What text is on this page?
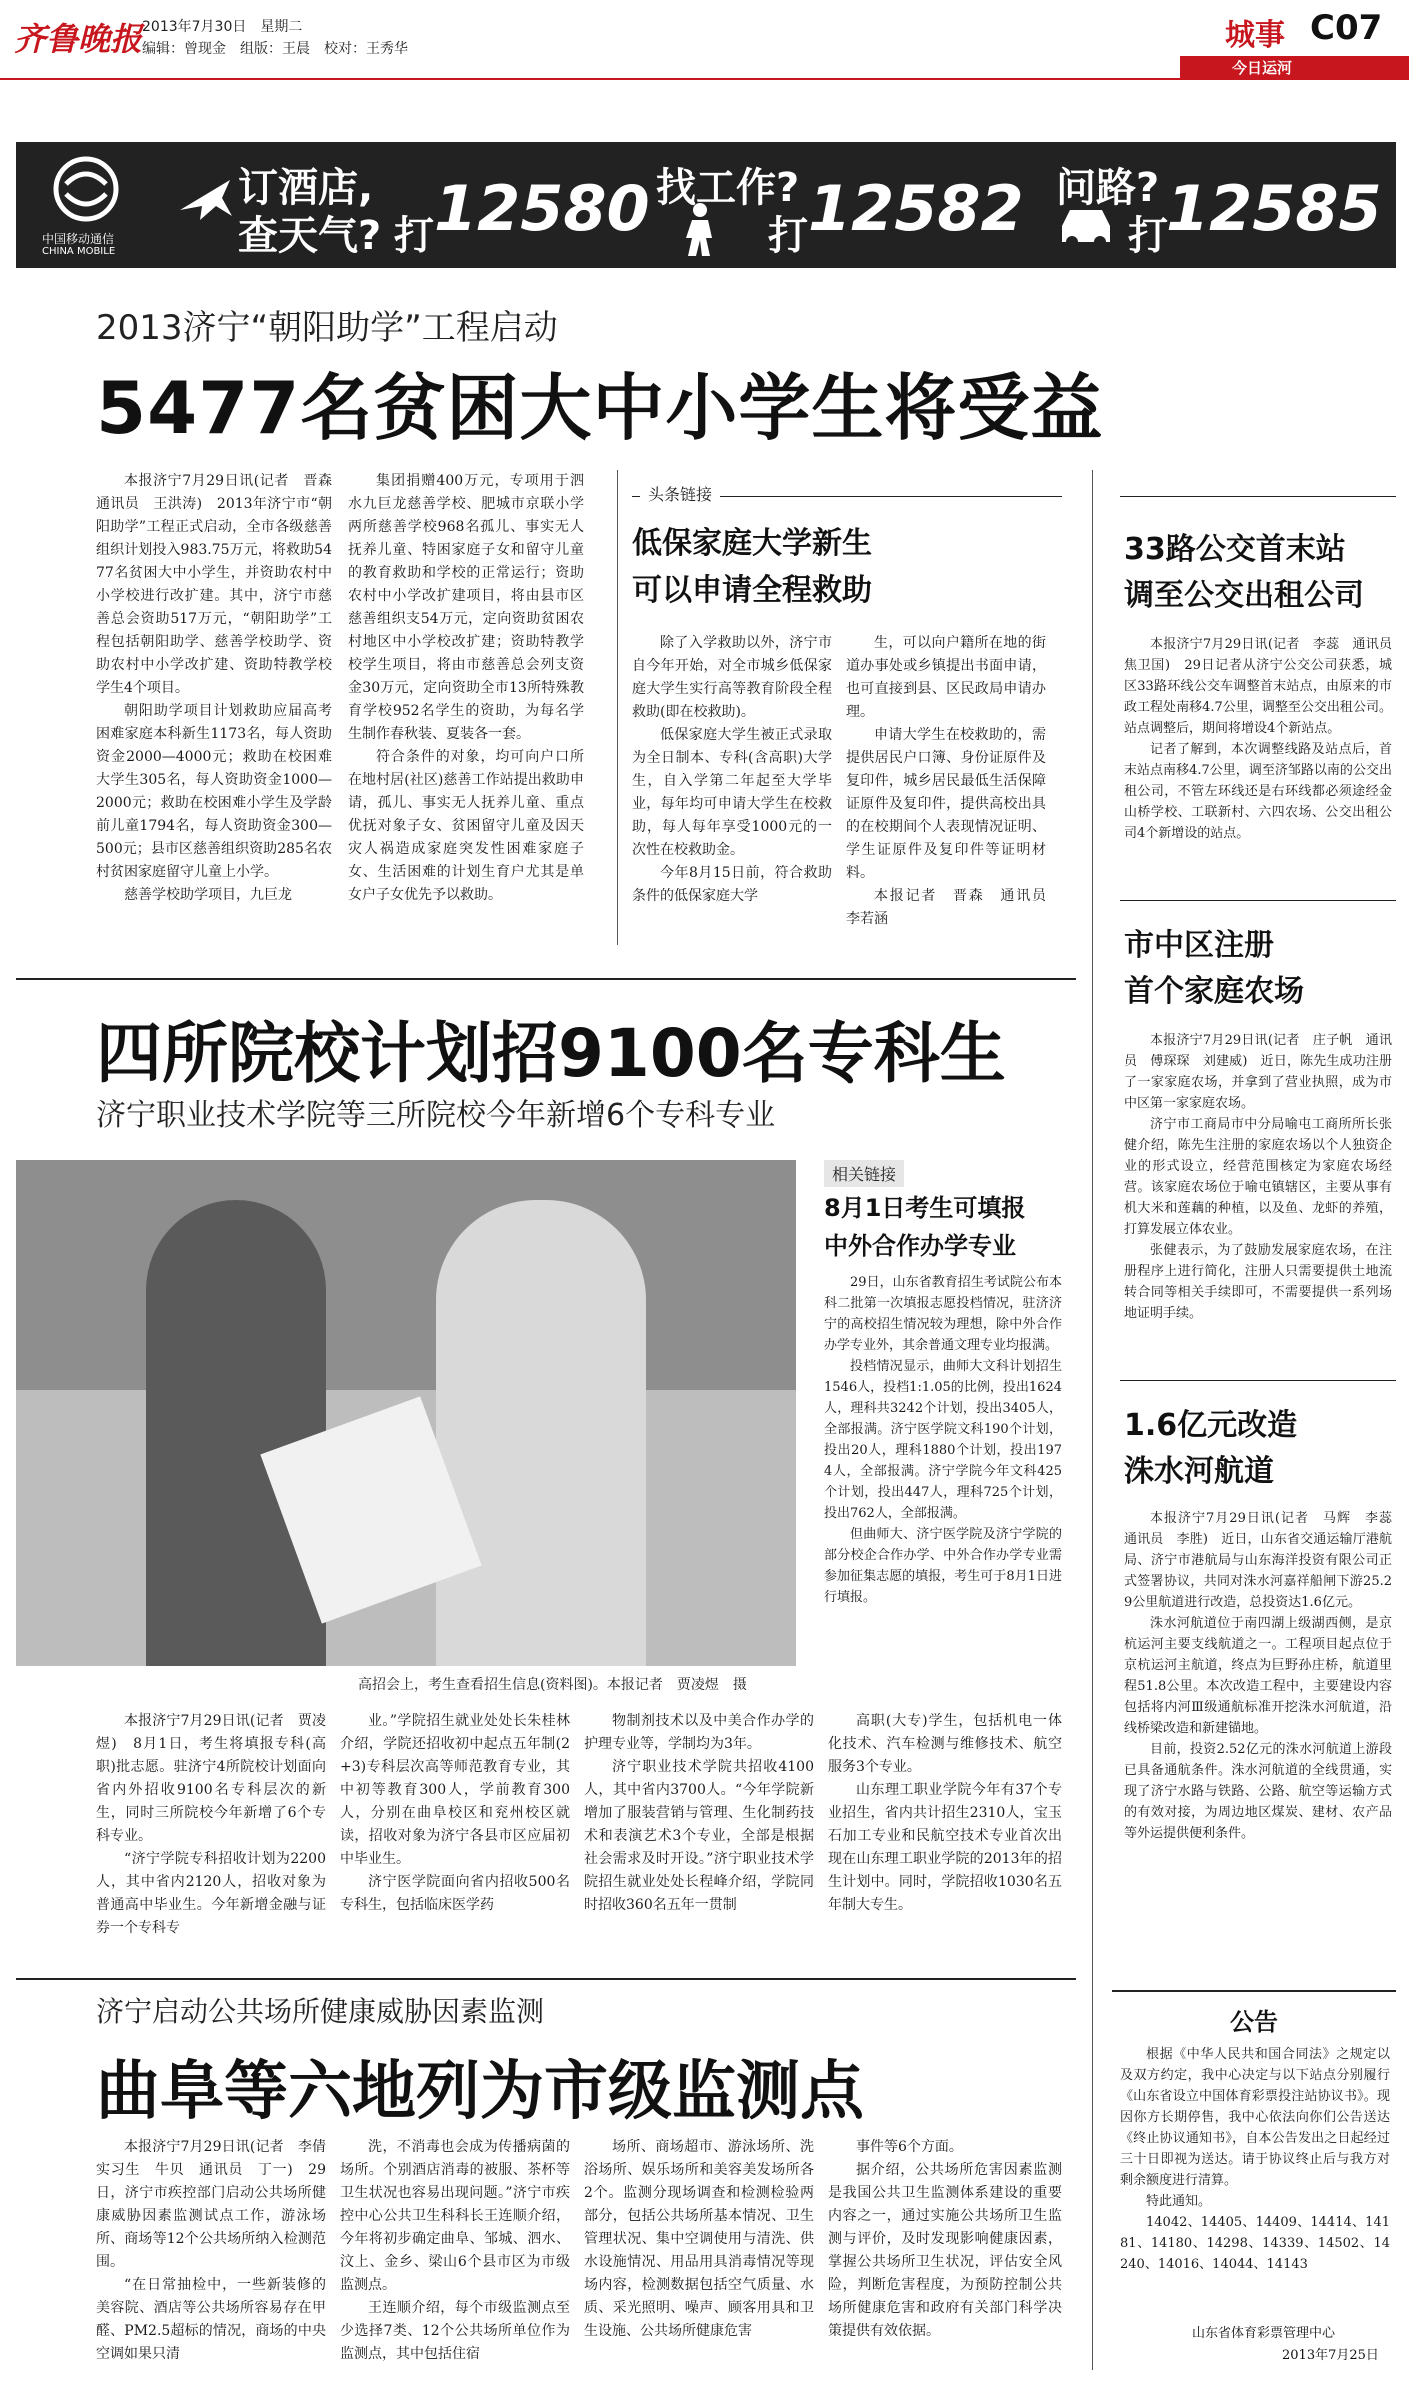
齐鲁晚报 2013年7月30日　星期二
编辑：曾现金　组版：王晨　校对：王秀华	城事 C07
今日运河
中国移动通信
CHINA MOBILE
订酒店,
查天气? 打 12580 找工作?
打 12582 问路?
打
12585
2013济宁“朝阳助学”工程启动
5477名贫困大中小学生将受益

本报济宁7月29日讯(记者　晋森　通讯员　王洪涛)　2013年济宁市“朝阳助学”工程正式启动，全市各级慈善组织计划投入983.75万元，将救助5477名贫困大中小学生，并资助农村中小学校进行改扩建。其中，济宁市慈善总会资助517万元，“朝阳助学”工程包括朝阳助学、慈善学校助学、资助农村中小学改扩建、资助特教学校学生4个项目。

朝阳助学项目计划救助应届高考困难家庭本科新生1173名，每人资助资金2000—4000元；救助在校困难大学生305名，每人资助资金1000—2000元；救助在校困难小学生及学龄前儿童1794名，每人资助资金300—500元；县市区慈善组织资助285名农村贫困家庭留守儿童上小学。

慈善学校助学项目，九巨龙

集团捐赠400万元，专项用于泗水九巨龙慈善学校、肥城市京联小学两所慈善学校968名孤儿、事实无人抚养儿童、特困家庭子女和留守儿童的教育救助和学校的正常运行；资助农村中小学改扩建项目，将由县市区慈善组织支54万元，定向资助贫困农村地区中小学校改扩建；资助特教学校学生项目，将由市慈善总会列支资金30万元，定向资助全市13所特殊教育学校952名学生的资助，为每名学生制作春秋装、夏装各一套。

符合条件的对象，均可向户口所在地村居(社区)慈善工作站提出救助申请，孤儿、事实无人抚养儿童、重点优抚对象子女、贫困留守儿童及因天灾人祸造成家庭突发性困难家庭子女、生活困难的计划生育户尤其是单女户子女优先予以救助。

头条链接
低保家庭大学新生
可以申请全程救助

除了入学救助以外，济宁市自今年开始，对全市城乡低保家庭大学生实行高等教育阶段全程救助(即在校救助)。

低保家庭大学生被正式录取为全日制本、专科(含高职)大学生，自入学第二年起至大学毕业，每年均可申请大学生在校救助，每人每年享受1000元的一次性在校救助金。

今年8月15日前，符合救助条件的低保家庭大学

生，可以向户籍所在地的街道办事处或乡镇提出书面申请，也可直接到县、区民政局申请办理。

申请大学生在校救助的，需提供居民户口簿、身份证原件及复印件，城乡居民最低生活保障证原件及复印件，提供高校出具的在校期间个人表现情况证明、学生证原件及复印件等证明材料。

本报记者　晋森　通讯员　李若涵

四所院校计划招9100名专科生
济宁职业技术学院等三所院校今年新增6个专科专业
高招会上，考生查看招生信息(资料图)。本报记者　贾凌煜　摄
相关链接
8月1日考生可填报
中外合作办学专业

29日，山东省教育招生考试院公布本科二批第一次填报志愿投档情况，驻济济宁的高校招生情况较为理想，除中外合作办学专业外，其余普通文理专业均报满。

投档情况显示，曲师大文科计划招生1546人，投档1:1.05的比例，投出1624人，理科共3242个计划，投出3405人，全部报满。济宁医学院文科190个计划，投出20人，理科1880个计划，投出1974人，全部报满。济宁学院今年文科425个计划，投出447人，理科725个计划，投出762人，全部报满。

但曲师大、济宁医学院及济宁学院的部分校企合作办学、中外合作办学专业需参加征集志愿的填报，考生可于8月1日进行填报。

本报济宁7月29日讯(记者　贾凌煜)　8月1日，考生将填报专科(高职)批志愿。驻济宁4所院校计划面向省内外招收9100名专科层次的新生，同时三所院校今年新增了6个专科专业。

“济宁学院专科招收计划为2200人，其中省内2120人，招收对象为普通高中毕业生。今年新增金融与证券一个专科专

业。”学院招生就业处处长朱桂林介绍，学院还招收初中起点五年制(2+3)专科层次高等师范教育专业，其中初等教育300人，学前教育300人，分别在曲阜校区和兖州校区就读，招收对象为济宁各县市区应届初中毕业生。

济宁医学院面向省内招收500名专科生，包括临床医学药

物制剂技术以及中美合作办学的护理专业等，学制均为3年。

济宁职业技术学院共招收4100人，其中省内3700人。“今年学院新增加了服装营销与管理、生化制药技术和表演艺术3个专业，全部是根据社会需求及时开设。”济宁职业技术学院招生就业处处长程峰介绍，学院同时招收360名五年一贯制

高职(大专)学生，包括机电一体化技术、汽车检测与维修技术、航空服务3个专业。

山东理工职业学院今年有37个专业招生，省内共计招生2310人，宝玉石加工专业和民航空技术专业首次出现在山东理工职业学院的2013年的招生计划中。同时，学院招收1030名五年制大专生。

济宁启动公共场所健康威胁因素监测
曲阜等六地列为市级监测点

本报济宁7月29日讯(记者　李倩　实习生　牛贝　通讯员　丁一)　29日，济宁市疾控部门启动公共场所健康威胁因素监测试点工作，游泳场所、商场等12个公共场所纳入检测范围。

“在日常抽检中，一些新装修的美容院、酒店等公共场所容易存在甲醛、PM2.5超标的情况，商场的中央空调如果只清

洗，不消毒也会成为传播病菌的场所。个别酒店消毒的被服、茶杯等卫生状况也容易出现问题。”济宁市疾控中心公共卫生科科长王连顺介绍，今年将初步确定曲阜、邹城、泗水、汶上、金乡、梁山6个县市区为市级监测点。

王连顺介绍，每个市级监测点至少选择7类、12个公共场所单位作为监测点，其中包括住宿

场所、商场超市、游泳场所、洗浴场所、娱乐场所和美容美发场所各2个。监测分现场调查和检测检验两部分，包括公共场所基本情况、卫生管理状况、集中空调使用与清洗、供水设施情况、用品用具消毒情况等现场内容，检测数据包括空气质量、水质、采光照明、噪声、顾客用具和卫生设施、公共场所健康危害

事件等6个方面。

据介绍，公共场所危害因素监测是我国公共卫生监测体系建设的重要内容之一，通过实施公共场所卫生监测与评价，及时发现影响健康因素，掌握公共场所卫生状况，评估安全风险，判断危害程度，为预防控制公共场所健康危害和政府有关部门科学决策提供有效依据。

33路公交首末站
调至公交出租公司

本报济宁7月29日讯(记者　李蕊　通讯员　焦卫国)　29日记者从济宁公交公司获悉，城区33路环线公交车调整首末站点，由原来的市政工程处南移4.7公里，调整至公交出租公司。站点调整后，期间将增设4个新站点。

记者了解到，本次调整线路及站点后，首末站点南移4.7公里，调至济邹路以南的公交出租公司，不管左环线还是右环线都必须途经金山桥学校、工联新村、六四农场、公交出租公司4个新增设的站点。

市中区注册
首个家庭农场

本报济宁7月29日讯(记者　庄子帆　通讯员　傅琛琛　刘建威)　近日，陈先生成功注册了一家家庭农场，并拿到了营业执照，成为市中区第一家家庭农场。

济宁市工商局市中分局喻屯工商所所长张健介绍，陈先生注册的家庭农场以个人独资企业的形式设立，经营范围核定为家庭农场经营。该家庭农场位于喻屯镇辖区，主要从事有机大米和莲藕的种植，以及鱼、龙虾的养殖，打算发展立体农业。

张健表示，为了鼓励发展家庭农场，在注册程序上进行简化，注册人只需要提供土地流转合同等相关手续即可，不需要提供一系列场地证明手续。

1.6亿元改造
洙水河航道

本报济宁7月29日讯(记者　马辉　李蕊　通讯员　李胜)　近日，山东省交通运输厅港航局、济宁市港航局与山东海洋投资有限公司正式签署协议，共同对洙水河嘉祥船闸下游25.29公里航道进行改造，总投资达1.6亿元。

洙水河航道位于南四湖上级湖西侧，是京杭运河主要支线航道之一。工程项目起点位于京杭运河主航道，终点为巨野孙庄桥，航道里程51.8公里。本次改造工程中，主要建设内容包括将内河Ⅲ级通航标准开挖洙水河航道，沿线桥梁改造和新建锚地。

目前，投资2.52亿元的洙水河航道上游段已具备通航条件。洙水河航道的全线贯通，实现了济宁水路与铁路、公路、航空等运输方式的有效对接，为周边地区煤炭、建材、农产品等外运提供便利条件。

公告

根据《中华人民共和国合同法》之规定以及双方约定，我中心决定与以下站点分别履行《山东省设立中国体育彩票投注站协议书》。现因你方长期停售，我中心依法向你们公告送达《终止协议通知书》，自本公告发出之日起经过三十日即视为送达。请于协议终止后与我方对剩余额度进行清算。

特此通知。

14042、14405、14409、14414、14181、14180、14298、14339、14502、14240、14016、14044、14143

山东省体育彩票管理中心
2013年7月25日
